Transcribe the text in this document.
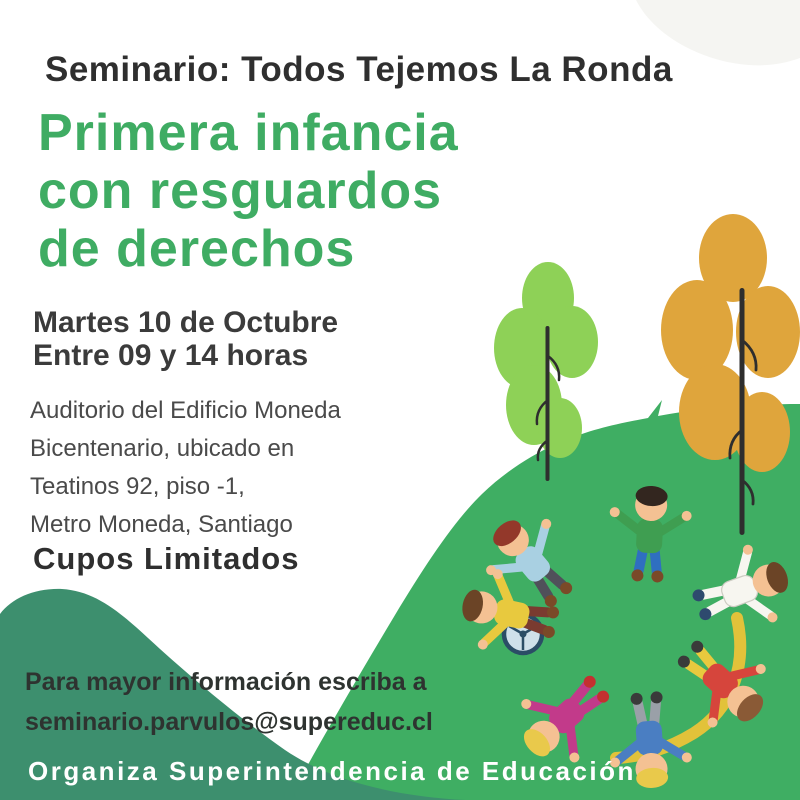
Seminario: Todos Tejemos La Ronda
Primera infancia
con resguardos
de derechos
Martes 10 de Octubre
Entre 09 y 14 horas
Auditorio del Edificio Moneda
Bicentenario, ubicado en
Teatinos 92, piso -1,
Metro Moneda, Santiago
Cupos Limitados
Para mayor información escriba a
seminario.parvulos@supereduc.cl
Organiza Superintendencia de Educación
